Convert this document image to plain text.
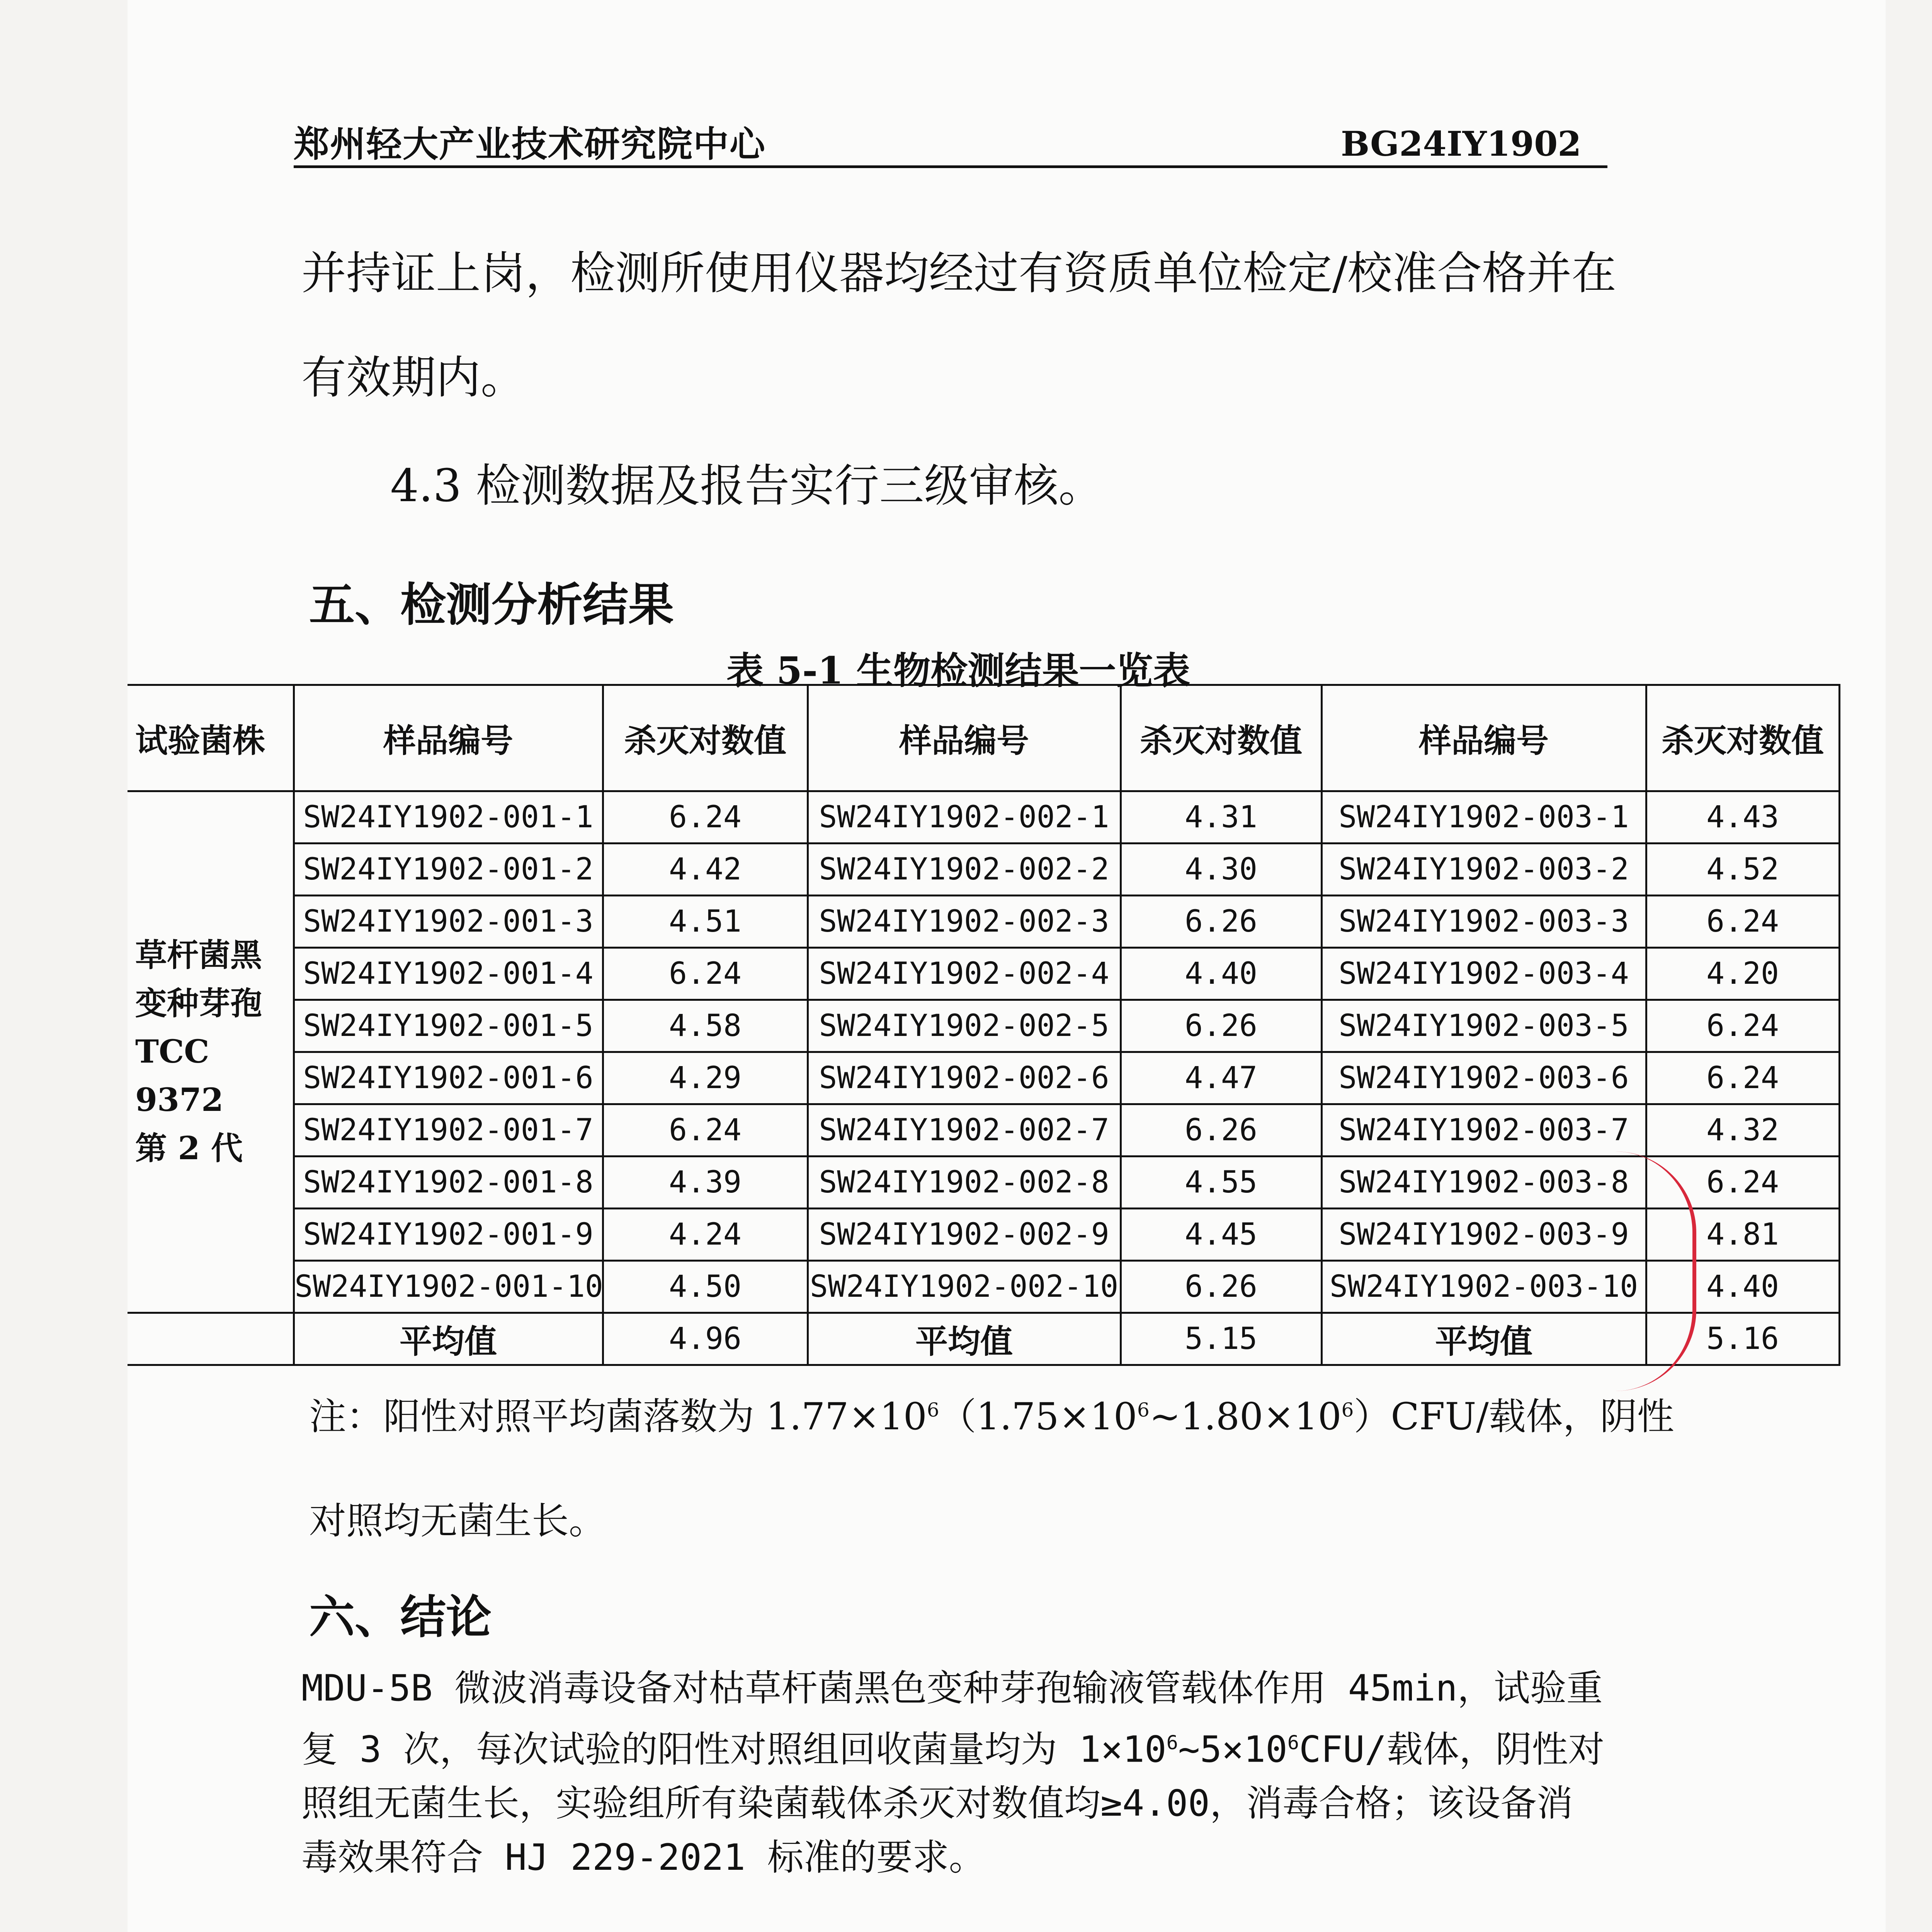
郑州轻大产业技术研究院中心	BG24IY1902
并持证上岗，检测所使用仪器均经过有资质单位检定/校准合格并在
有效期内。
4.3 检测数据及报告实行三级审核。
五、检测分析结果
表 5-1 生物检测结果一览表
试验菌株	样品编号	杀灭对数值	样品编号	杀灭对数值	样品编号	杀灭对数值
草杆菌黑
变种芽孢
TCC 9372
第 2 代	SW24IY1902-001-1	6.24	SW24IY1902-002-1	4.31	SW24IY1902-003-1	4.43
	SW24IY1902-001-2	4.42	SW24IY1902-002-2	4.30	SW24IY1902-003-2	4.52
	SW24IY1902-001-3	4.51	SW24IY1902-002-3	6.26	SW24IY1902-003-3	6.24
	SW24IY1902-001-4	6.24	SW24IY1902-002-4	4.40	SW24IY1902-003-4	4.20
	SW24IY1902-001-5	4.58	SW24IY1902-002-5	6.26	SW24IY1902-003-5	6.24
	SW24IY1902-001-6	4.29	SW24IY1902-002-6	4.47	SW24IY1902-003-6	6.24
	SW24IY1902-001-7	6.24	SW24IY1902-002-7	6.26	SW24IY1902-003-7	4.32
	SW24IY1902-001-8	4.39	SW24IY1902-002-8	4.55	SW24IY1902-003-8	6.24
	SW24IY1902-001-9	4.24	SW24IY1902-002-9	4.45	SW24IY1902-003-9	4.81
	SW24IY1902-001-10	4.50	SW24IY1902-002-10	6.26	SW24IY1902-003-10	4.40
	平均值	4.96	平均值	5.15	平均值	5.16
注：阳性对照平均菌落数为 $1.77\times 10^6(1.75\times 10^6\sim 1.80\times 10^6)CFU/$载体，阴性
对照均无菌生长。
六、结论
MDU-5B 微波消毒设备对枯草杆菌黑色变种芽孢输液管载体作用 45min，试验重
复 3 次，每次试验的阳性对照组回收菌量均为 $1\times 10^6\sim 5\times 10^6CFU/$载体，阴性对
照组无菌生长，实验组所有染菌载体杀灭对数值均≥4.00，消毒合格；该设备消
毒效果符合 HJ 229-2021 标准的要求。
